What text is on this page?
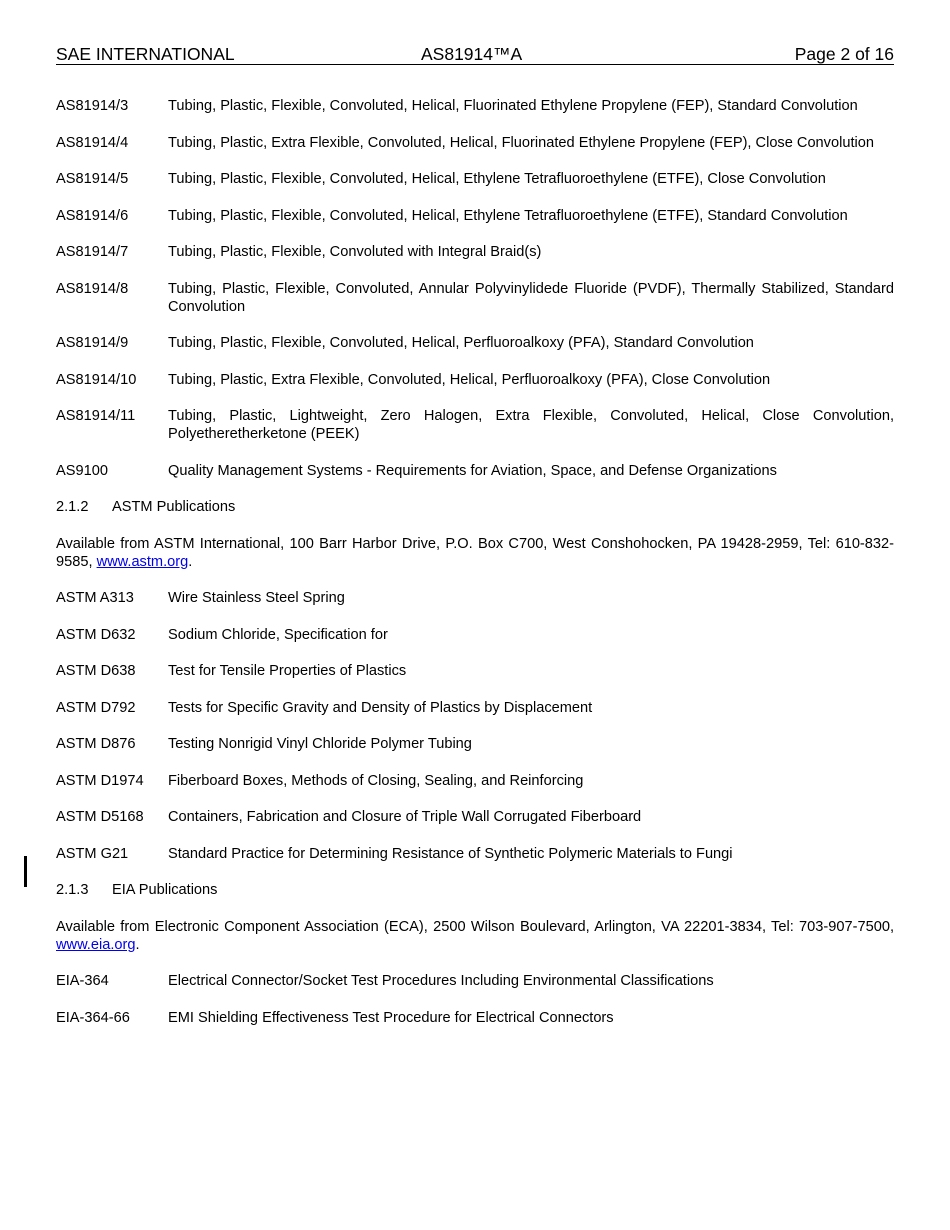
SAE INTERNATIONAL	AS81914™A	Page 2 of 16
AS81914/3	Tubing, Plastic, Flexible, Convoluted, Helical, Fluorinated Ethylene Propylene (FEP), Standard Convolution
AS81914/4	Tubing, Plastic, Extra Flexible, Convoluted, Helical, Fluorinated Ethylene Propylene (FEP), Close Convolution
AS81914/5	Tubing, Plastic, Flexible, Convoluted, Helical, Ethylene Tetrafluoroethylene (ETFE), Close Convolution
AS81914/6	Tubing, Plastic, Flexible, Convoluted, Helical, Ethylene Tetrafluoroethylene (ETFE), Standard Convolution
AS81914/7	Tubing, Plastic, Flexible, Convoluted with Integral Braid(s)
AS81914/8	Tubing, Plastic, Flexible, Convoluted, Annular Polyvinylidede Fluoride (PVDF), Thermally Stabilized, Standard Convolution
AS81914/9	Tubing, Plastic, Flexible, Convoluted, Helical, Perfluoroalkoxy (PFA), Standard Convolution
AS81914/10	Tubing, Plastic, Extra Flexible, Convoluted, Helical, Perfluoroalkoxy (PFA), Close Convolution
AS81914/11	Tubing, Plastic, Lightweight, Zero Halogen, Extra Flexible, Convoluted, Helical, Close Convolution, Polyetheretherketone (PEEK)
AS9100	Quality Management Systems - Requirements for Aviation, Space, and Defense Organizations
2.1.2	ASTM Publications
Available from ASTM International, 100 Barr Harbor Drive, P.O. Box C700, West Conshohocken, PA 19428-2959, Tel: 610-832-9585, www.astm.org.
ASTM A313	Wire Stainless Steel Spring
ASTM D632	Sodium Chloride, Specification for
ASTM D638	Test for Tensile Properties of Plastics
ASTM D792	Tests for Specific Gravity and Density of Plastics by Displacement
ASTM D876	Testing Nonrigid Vinyl Chloride Polymer Tubing
ASTM D1974	Fiberboard Boxes, Methods of Closing, Sealing, and Reinforcing
ASTM D5168	Containers, Fabrication and Closure of Triple Wall Corrugated Fiberboard
ASTM G21	Standard Practice for Determining Resistance of Synthetic Polymeric Materials to Fungi
2.1.3	EIA Publications
Available from Electronic Component Association (ECA), 2500 Wilson Boulevard, Arlington, VA 22201-3834, Tel: 703-907-7500, www.eia.org.
EIA-364	Electrical Connector/Socket Test Procedures Including Environmental Classifications
EIA-364-66	EMI Shielding Effectiveness Test Procedure for Electrical Connectors
